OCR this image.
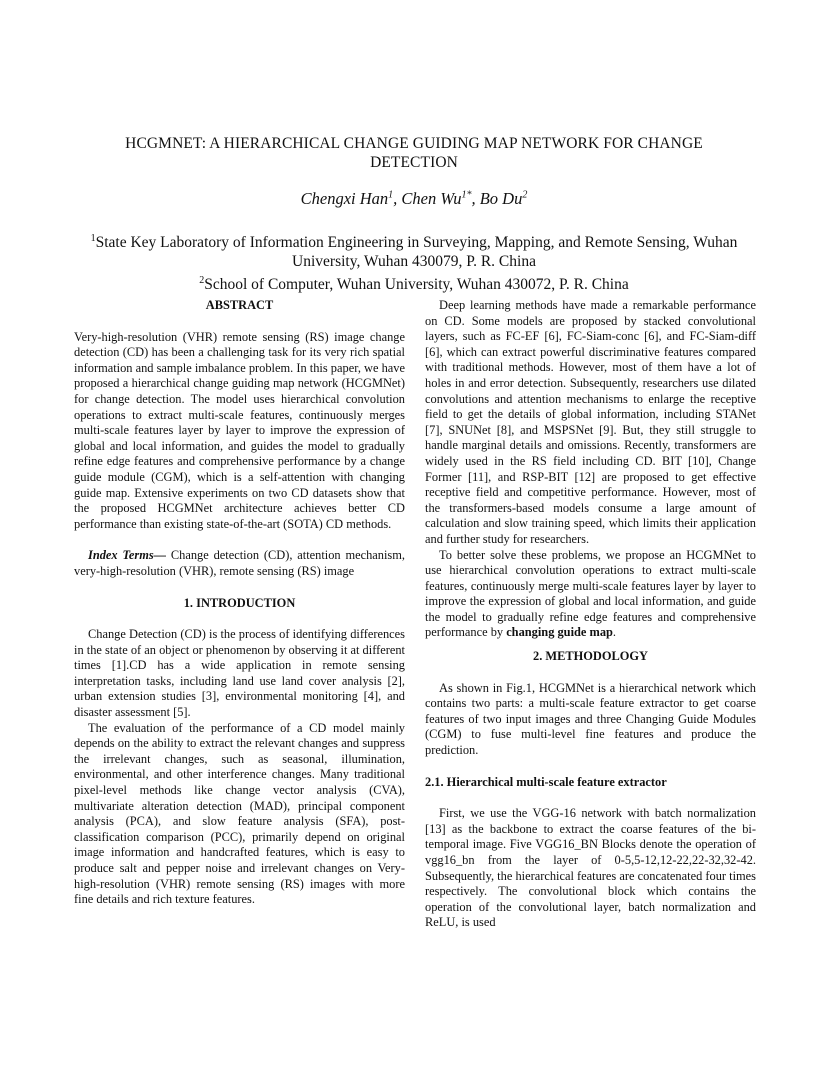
HCGMNET: A HIERARCHICAL CHANGE GUIDING MAP NETWORK FOR CHANGE DETECTION
Chengxi Han$^1$, Chen $Wu^{1*}$, Bo Du$^2$
$^1$State Key Laboratory of Information Engineering in Surveying, Mapping, and Remote Sensing, Wuhan University, Wuhan 430079, P. R. China
$^2$School of Computer, Wuhan University, Wuhan 430072, P. R. China
ABSTRACT

Very-high-resolution (VHR) remote sensing (RS) image change detection (CD) has been a challenging task for its very rich spatial information and sample imbalance problem. In this paper, we have proposed a hierarchical change guiding map network (HCGMNet) for change detection. The model uses hierarchical convolution operations to extract multi-scale features, continuously merges multi-scale features layer by layer to improve the expression of global and local information, and guides the model to gradually refine edge features and comprehensive performance by a change guide module (CGM), which is a self-attention with changing guide map. Extensive experiments on two CD datasets show that the proposed HCGMNet architecture achieves better CD performance than existing state-of-the-art (SOTA) CD methods.

Index Terms— Change detection (CD), attention mechanism, very-high-resolution (VHR), remote sensing (RS) image

1. INTRODUCTION

Change Detection (CD) is the process of identifying differences in the state of an object or phenomenon by observing it at different times [1].CD has a wide application in remote sensing interpretation tasks, including land use land cover analysis [2], urban extension studies [3], environmental monitoring [4], and disaster assessment [5].

The evaluation of the performance of a CD model mainly depends on the ability to extract the relevant changes and suppress the irrelevant changes, such as seasonal, illumination, environmental, and other interference changes. Many traditional pixel-level methods like change vector analysis (CVA), multivariate alteration detection (MAD), principal component analysis (PCA), and slow feature analysis (SFA), post-classification comparison (PCC), primarily depend on original image information and handcrafted features, which is easy to produce salt and pepper noise and irrelevant changes on Very-high-resolution (VHR) remote sensing (RS) images with more fine details and rich texture features.

Deep learning methods have made a remarkable performance on CD. Some models are proposed by stacked convolutional layers, such as FC-EF [6], FC-Siam-conc [6], and FC-Siam-diff [6], which can extract powerful discriminative features compared with traditional methods. However, most of them have a lot of holes in and error detection. Subsequently, researchers use dilated convolutions and attention mechanisms to enlarge the receptive field to get the details of global information, including STANet [7], SNUNet [8], and MSPSNet [9]. But, they still struggle to handle marginal details and omissions. Recently, transformers are widely used in the RS field including CD. BIT [10], Change Former [11], and RSP-BIT [12] are proposed to get effective receptive field and competitive performance. However, most of the transformers-based models consume a large amount of calculation and slow training speed, which limits their application and further study for researchers.

To better solve these problems, we propose an HCGMNet to use hierarchical convolution operations to extract multi-scale features, continuously merge multi-scale features layer by layer to improve the expression of global and local information, and guide the model to gradually refine edge features and comprehensive performance by changing guide map.

2. METHODOLOGY

As shown in Fig.1, HCGMNet is a hierarchical network which contains two parts: a multi-scale feature extractor to get coarse features of two input images and three Changing Guide Modules (CGM) to fuse multi-level fine features and produce the prediction.

2.1. Hierarchical multi-scale feature extractor

First, we use the VGG-16 network with batch normalization [13] as the backbone to extract the coarse features of the bi-temporal image. Five VGG16_BN Blocks denote the operation of vgg16_bn from the layer of 0-5,5-12,12-22,22-32,32-42. Subsequently, the hierarchical features are concatenated four times respectively. The convolutional block which contains the operation of the convolutional layer, batch normalization and ReLU, is used
